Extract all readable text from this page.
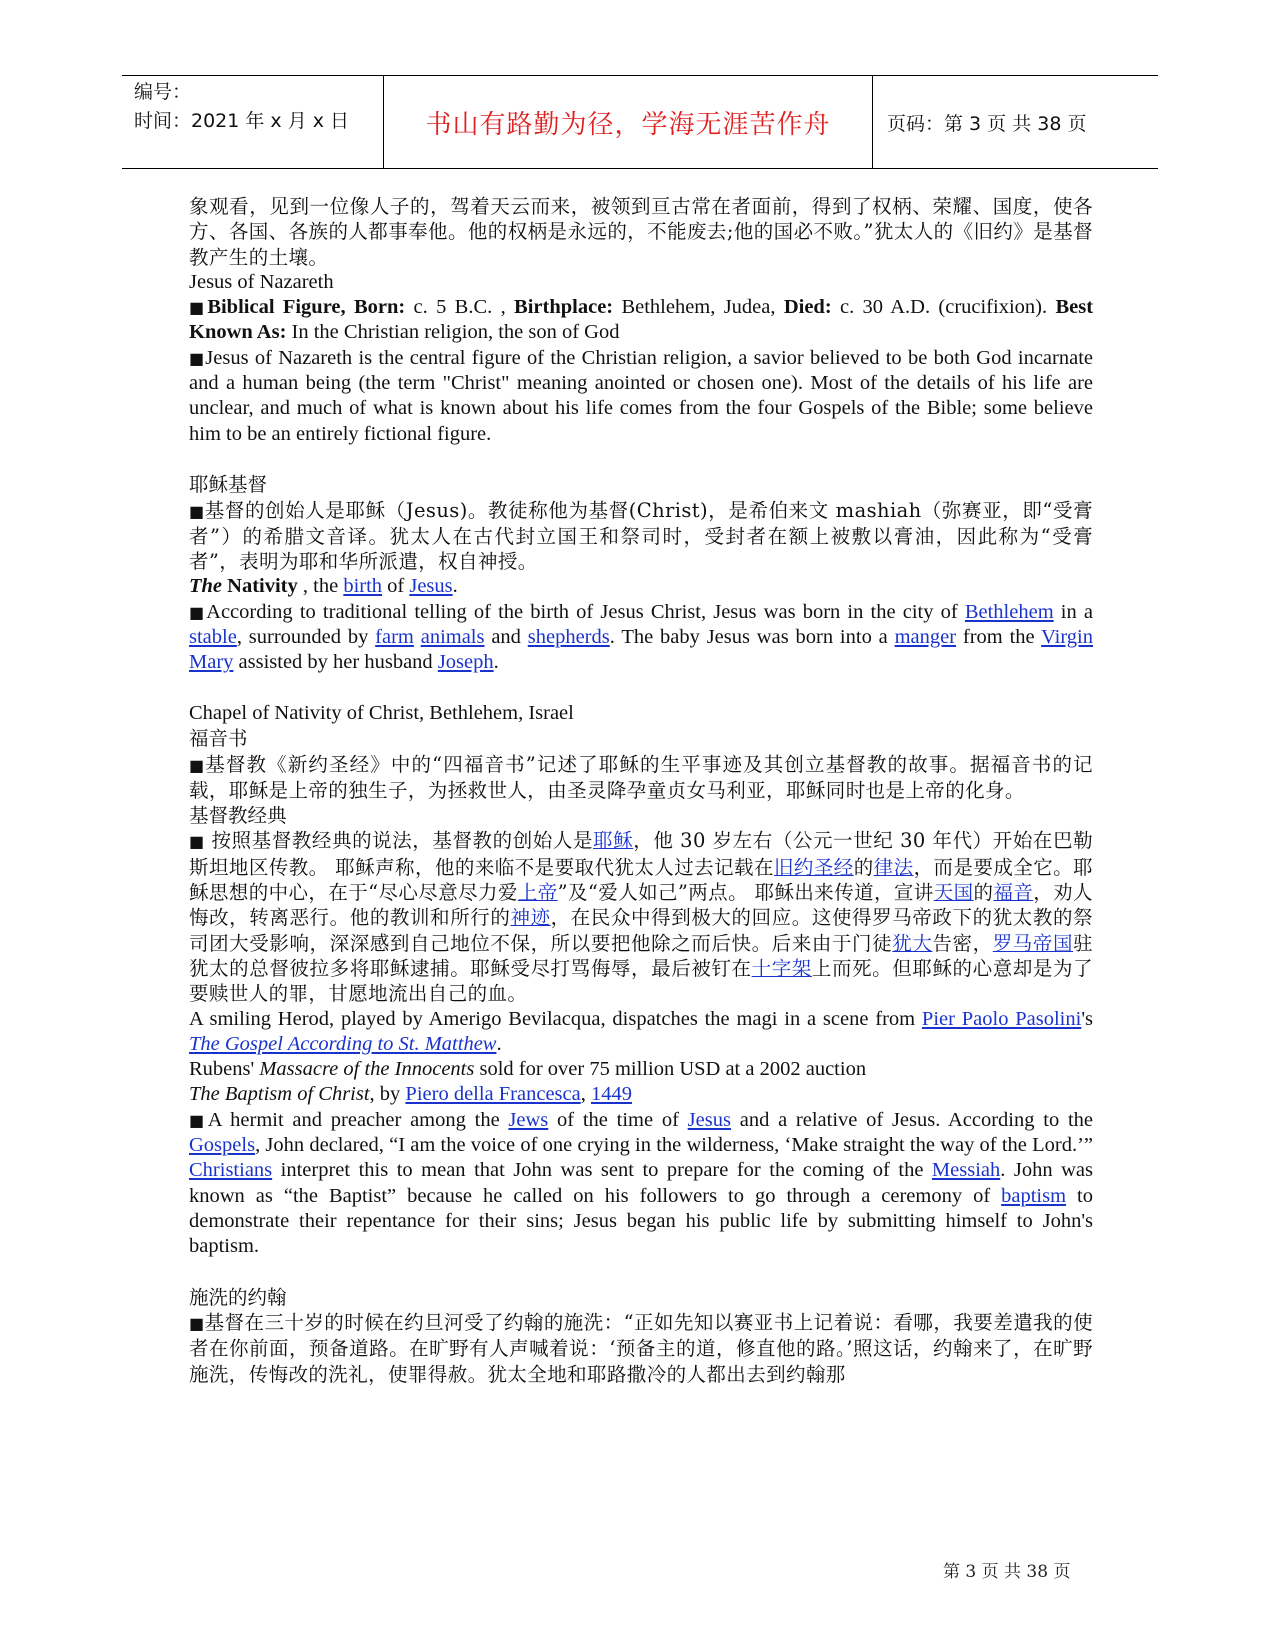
编号：
时间：2021 年 x 月 x 日	书山有路勤为径，学海无涯苦作舟	页码：第 3 页 共 38 页

象观看，见到一位像人子的，驾着天云而来，被领到亘古常在者面前，得到了权柄、荣耀、国度，使各方、各国、各族的人都事奉他。他的权柄是永远的，不能废去;他的国必不败。”犹太人的《旧约》是基督教产生的土壤。

Jesus of Nazareth

■Biblical Figure, Born: c. 5 B.C. , Birthplace: Bethlehem, Judea, Died: c. 30 A.D. (crucifixion). Best Known As: In the Christian religion, the son of God

■Jesus of Nazareth is the central figure of the Christian religion, a savior believed to be both God incarnate and a human being (the term "Christ" meaning anointed or chosen one). Most of the details of his life are unclear, and much of what is known about his life comes from the four Gospels of the Bible; some believe him to be an entirely fictional figure.

耶稣基督

■基督的创始人是耶稣（Jesus)。教徒称他为基督(Christ)，是希伯来文 mashiah（弥赛亚，即“受膏者”）的希腊文音译。犹太人在古代封立国王和祭司时，受封者在额上被敷以膏油，因此称为“受膏者”，表明为耶和华所派遣，权自神授。

The Nativity , the birth of Jesus.

■According to traditional telling of the birth of Jesus Christ, Jesus was born in the city of Bethlehem in a stable, surrounded by farm animals and shepherds. The baby Jesus was born into a manger from the Virgin Mary assisted by her husband Joseph.

Chapel of Nativity of Christ, Bethlehem, Israel

福音书

■基督教《新约圣经》中的“四福音书”记述了耶稣的生平事迹及其创立基督教的故事。据福音书的记载，耶稣是上帝的独生子，为拯救世人，由圣灵降孕童贞女马利亚，耶稣同时也是上帝的化身。

基督教经典

■ 按照基督教经典的说法，基督教的创始人是耶稣，他 30 岁左右（公元一世纪 30 年代）开始在巴勒斯坦地区传教。 耶稣声称，他的来临不是要取代犹太人过去记载在旧约圣经的律法，而是要成全它。耶稣思想的中心，在于“尽心尽意尽力爱上帝”及“爱人如己”两点。 耶稣出来传道，宣讲天国的福音，劝人悔改，转离恶行。他的教训和所行的神迹，在民众中得到极大的回应。这使得罗马帝政下的犹太教的祭司团大受影响，深深感到自己地位不保，所以要把他除之而后快。后来由于门徒犹大告密，罗马帝国驻犹太的总督彼拉多将耶稣逮捕。耶稣受尽打骂侮辱，最后被钉在十字架上而死。但耶稣的心意却是为了要赎世人的罪，甘愿地流出自己的血。

A smiling Herod, played by Amerigo Bevilacqua, dispatches the magi in a scene from Pier Paolo Pasolini's The Gospel According to St. Matthew.

Rubens' Massacre of the Innocents sold for over 75 million USD at a 2002 auction

The Baptism of Christ, by Piero della Francesca, 1449

■A hermit and preacher among the Jews of the time of Jesus and a relative of Jesus. According to the Gospels, John declared, “I am the voice of one crying in the wilderness, ‘Make straight the way of the Lord.’” Christians interpret this to mean that John was sent to prepare for the coming of the Messiah. John was known as “the Baptist” because he called on his followers to go through a ceremony of baptism to demonstrate their repentance for their sins; Jesus began his public life by submitting himself to John's baptism.

施洗的约翰

■基督在三十岁的时候在约旦河受了约翰的施洗：“正如先知以赛亚书上记着说：看哪，我要差遣我的使者在你前面，预备道路。在旷野有人声喊着说：‘预备主的道，修直他的路。’照这话，约翰来了，在旷野施洗，传悔改的洗礼，使罪得赦。犹太全地和耶路撒冷的人都出去到约翰那

第 3 页 共 38 页
